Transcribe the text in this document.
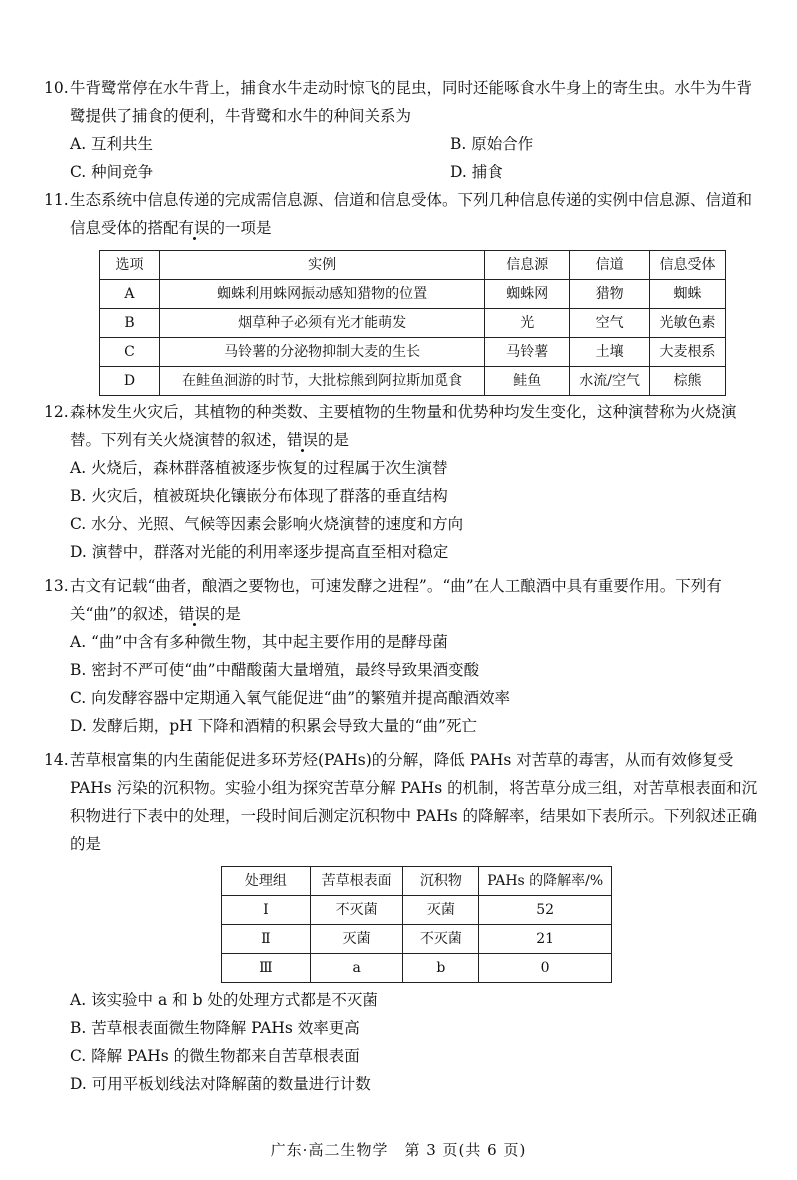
10.牛背鹭常停在水牛背上，捕食水牛走动时惊飞的昆虫，同时还能啄食水牛身上的寄生虫。水牛为牛背鹭提供了捕食的便利，牛背鹭和水牛的种间关系为
A. 互利共生	B. 原始合作
C. 种间竞争	D. 捕食
11.生态系统中信息传递的完成需信息源、信道和信息受体。下列几种信息传递的实例中信息源、信道和信息受体的搭配有误的一项是
选项	实例	信息源	信道	信息受体
A	蜘蛛利用蛛网振动感知猎物的位置	蜘蛛网	猎物	蜘蛛
B	烟草种子必须有光才能萌发	光	空气	光敏色素
C	马铃薯的分泌物抑制大麦的生长	马铃薯	土壤	大麦根系
D	在鲑鱼洄游的时节，大批棕熊到阿拉斯加觅食	鲑鱼	水流/空气	棕熊
12.森林发生火灾后，其植物的种类数、主要植物的生物量和优势种均发生变化，这种演替称为火烧演替。下列有关火烧演替的叙述，错误的是
A. 火烧后，森林群落植被逐步恢复的过程属于次生演替
B. 火灾后，植被斑块化镶嵌分布体现了群落的垂直结构
C. 水分、光照、气候等因素会影响火烧演替的速度和方向
D. 演替中，群落对光能的利用率逐步提高直至相对稳定
13.古文有记载“曲者，酿酒之要物也，可速发酵之进程”。“曲”在人工酿酒中具有重要作用。下列有关“曲”的叙述，错误的是
A. “曲”中含有多种微生物，其中起主要作用的是酵母菌
B. 密封不严可使“曲”中醋酸菌大量增殖，最终导致果酒变酸
C. 向发酵容器中定期通入氧气能促进“曲”的繁殖并提高酿酒效率
D. 发酵后期，pH 下降和酒精的积累会导致大量的“曲”死亡
14.苦草根富集的内生菌能促进多环芳烃(PAHs)的分解，降低 PAHs 对苦草的毒害，从而有效修复受 PAHs 污染的沉积物。实验小组为探究苦草分解 PAHs 的机制，将苦草分成三组，对苦草根表面和沉积物进行下表中的处理，一段时间后测定沉积物中 PAHs 的降解率，结果如下表所示。下列叙述正确的是
处理组	苦草根表面	沉积物	PAHs 的降解率/%
Ⅰ	不灭菌	灭菌	52
Ⅱ	灭菌	不灭菌	21
Ⅲ	a	b	0
A. 该实验中 a 和 b 处的处理方式都是不灭菌
B. 苦草根表面微生物降解 PAHs 效率更高
C. 降解 PAHs 的微生物都来自苦草根表面
D. 可用平板划线法对降解菌的数量进行计数
广东·高二生物学　第 3 页(共 6 页)
